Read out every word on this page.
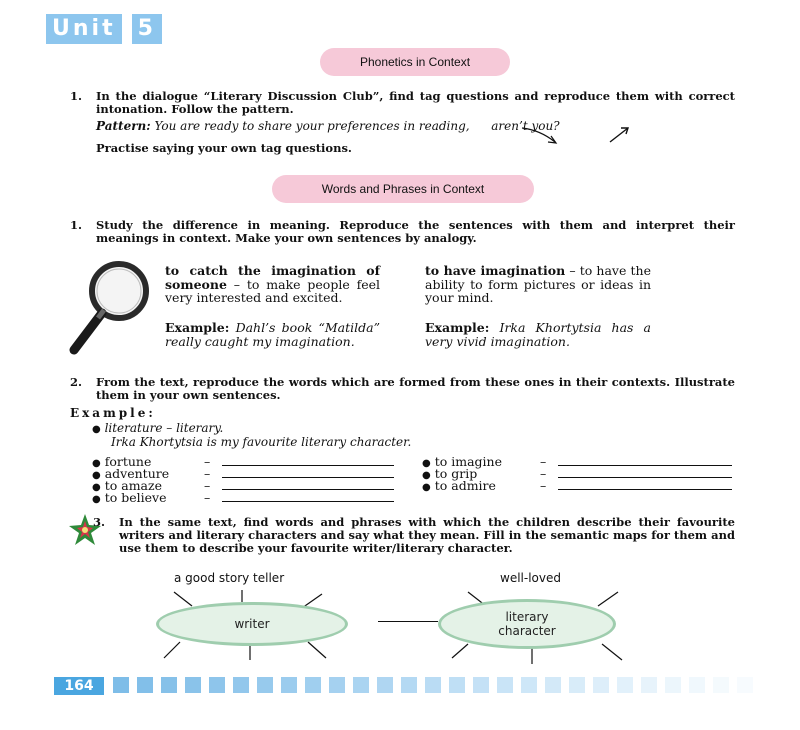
Unit 5
Phonetics in Context
1. In the dialogue “Literary Discussion Club”, find tag questions and reproduce them with correct intonation. Follow the pattern.
Pattern: You are ready to share your preferences in reading, aren’t you?
Practise saying your own tag questions.
Words and Phrases in Context
1. Study the difference in meaning. Reproduce the sentences with them and interpret their meanings in context. Make your own sentences by analogy.
to catch the imagination of someone – to make people feel very interested and excited.
Example: Dahl’s book “Matilda” really caught my imagination.
to have imagination – to have the ability to form pictures or ideas in your mind.
Example: Irka Khortytsia has a very vivid imagination.
2. From the text, reproduce the words which are formed from these ones in their contexts. Illustrate them in your own sentences.
Example:
● literature – literary.
Irka Khortytsia is my favourite literary character.
● fortune	–
● adventure	–
● to amaze	–
● to believe	–
● to imagine	–
● to grip	–
● to admire	–
3. In the same text, find words and phrases with which the children describe their favourite writers and literary characters and say what they mean. Fill in the semantic maps for them and use them to describe your favourite writer/literary character.
a good story teller
writer
well-loved
literary character
164
